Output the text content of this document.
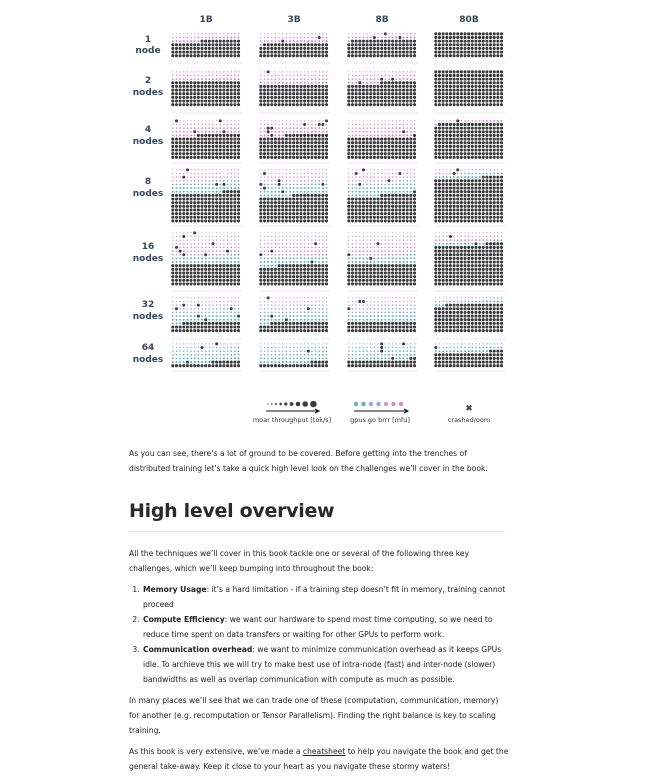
1B	3B	8B	80B
1
node
2
nodes
4
nodes
8
nodes
16
nodes
32
nodes
64
nodes
moar throughput [tok/s]	gpus go brrr [mfu]
✖
crashed/oom

As you can see, there’s a lot of ground to be covered. Before getting into the trenches of distributed training let’s take a quick high level look on the challenges we’ll cover in the book.

High level overview

All the techniques we’ll cover in this book tackle one or several of the following three key challenges, which we’ll keep bumping into throughout the book:

1. Memory Usage: it’s a hard limitation - if a training step doesn’t fit in memory, training cannot proceed
2. Compute Efficiency: we want our hardware to spend most time computing, so we need to reduce time spent on data transfers or waiting for other GPUs to perform work.
3. Communication overhead: we want to minimize communication overhead as it keeps GPUs idle. To archieve this we will try to make best use of intra-node (fast) and inter-node (slower) bandwidths as well as overlap communication with compute as much as possible.

In many places we’ll see that we can trade one of these (computation, communication, memory) for another (e.g. recomputation or Tensor Parallelism). Finding the right balance is key to scaling training.

As this book is very extensive, we’ve made a cheatsheet to help you navigate the book and get the general take-away. Keep it close to your heart as you navigate these stormy waters!
